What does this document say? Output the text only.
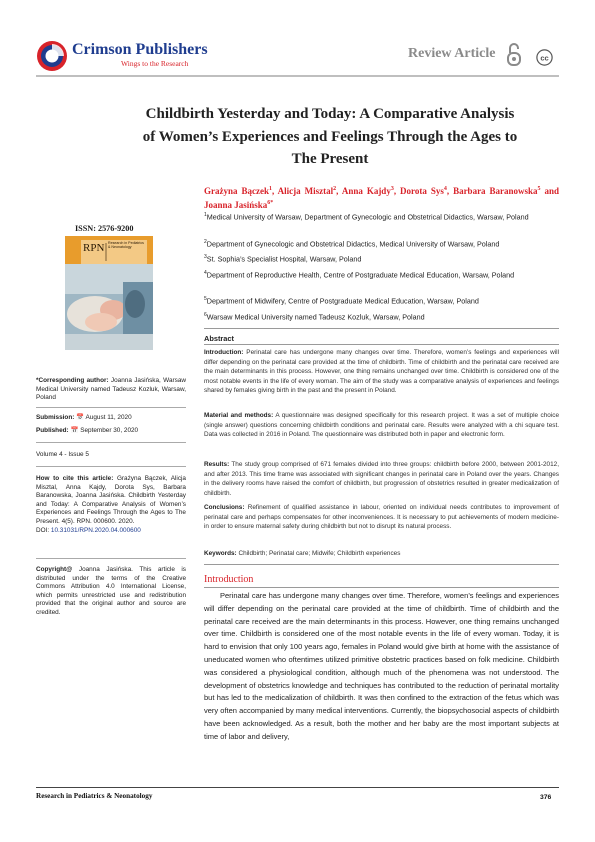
Crimson Publishers
Wings to the Research
Review Article	cc
Childbirth Yesterday and Today: A Comparative Analysis of Women’s Experiences and Feelings Through the Ages to The Present
Grażyna Bączek$^1$, Alicja Misztal$^2$, Anna Kajdy$^3$, Dorota Sys$^4$, Barbara Baranowska$^5$ and Joanna Jasińska$^{6*}$
$^1$Medical University of Warsaw, Department of Gynecologic and Obstetrical Didactics, Warsaw, Poland
$^2$Department of Gynecologic and Obstetrical Didactics, Medical University of Warsaw, Poland
$^3$St. Sophia’s Specialist Hospital, Warsaw, Poland
$^4$Department of Reproductive Health, Centre of Postgraduate Medical Education, Warsaw, Poland
$^5$Department of Midwifery, Centre of Postgraduate Medical Education, Warsaw, Poland
$^6$Warsaw Medical University named Tadeusz Kozluk, Warsaw, Poland
ISSN: 2576-9200
RPN Research in Pediatrics & Neonatology
*Corresponding author: Joanna Jasińska, Warsaw Medical University named Tadeusz Kozluk, Warsaw, Poland
Submission: 📅 August 11, 2020
Published: 📅 September 30, 2020
Volume 4 - Issue 5
How to cite this article: Grażyna Bączek, Alicja Misztal, Anna Kajdy, Dorota Sys, Barbara Baranowska, Joanna Jasińska. Childbirth Yesterday and Today: A Comparative Analysis of Women’s Experiences and Feelings Through the Ages to The Present. 4(5). RPN. 000600. 2020.
DOI: 10.31031/RPN.2020.04.000600
Copyright@ Joanna Jasińska. This article is distributed under the terms of the Creative Commons Attribution 4.0 International License, which permits unrestricted use and redistribution provided that the original author and source are credited.
Abstract
Introduction: Perinatal care has undergone many changes over time. Therefore, women’s feelings and experiences will differ depending on the perinatal care provided at the time of childbirth. Time of childbirth and the perinatal care received are the main determinants in this process. However, one thing remains unchanged over time. Childbirth is considered one of the most notable events in the life of every woman. The aim of the study was a comparative analysis of experiences and feelings shared by females giving birth in the past and the present in Poland.
Material and methods: A questionnaire was designed specifically for this research project. It was a set of multiple choice (single answer) questions concerning childbirth conditions and perinatal care. Results were analyzed with a chi square test. Data was collected in 2016 in Poland. The questionnaire was distributed both in paper and electronic form.
Results: The study group comprised of 671 females divided into three groups: childbirth before 2000, between 2001-2012, and after 2013. This time frame was associated with significant changes in perinatal care in Poland over the years. Changes in the delivery rooms have raised the comfort of childbirth, but progression of obstetrics resulted in greater medicalization of childbirth.
Conclusions: Refinement of qualified assistance in labour, oriented on individual needs contributes to improvement of perinatal care and perhaps compensates for other inconveniences. It is necessary to put achievements of modern medicine-in order to ensure maternal safety during childbirth but not to disrupt its natural process.
Keywords: Childbirth; Perinatal care; Midwife; Childbirth experiences
Introduction
Perinatal care has undergone many changes over time. Therefore, women’s feelings and experiences will differ depending on the perinatal care provided at the time of childbirth. Time of childbirth and the perinatal care received are the main determinants in this process. However, one thing remains unchanged over time. Childbirth is considered one of the most notable events in the life of every woman. Today, it is hard to envision that only 100 years ago, females in Poland would give birth at home with the assistance of uneducated women who oftentimes utilized primitive obstetric practices based on folk medicine. Childbirth was considered a physiological condition, although much of the phenomena was not understood. The development of obstetrics knowledge and techniques has contributed to the reduction of perinatal mortality but has led to the medicalization of childbirth. It was then confined to the extraction of the fetus which was very often accompanied by many medical interventions. Currently, the biopsychosocial aspects of childbirth have been acknowledged. As a result, both the mother and her baby are the most important subjects at time of labor and delivery,
Research in Pediatrics & Neonatology	376
